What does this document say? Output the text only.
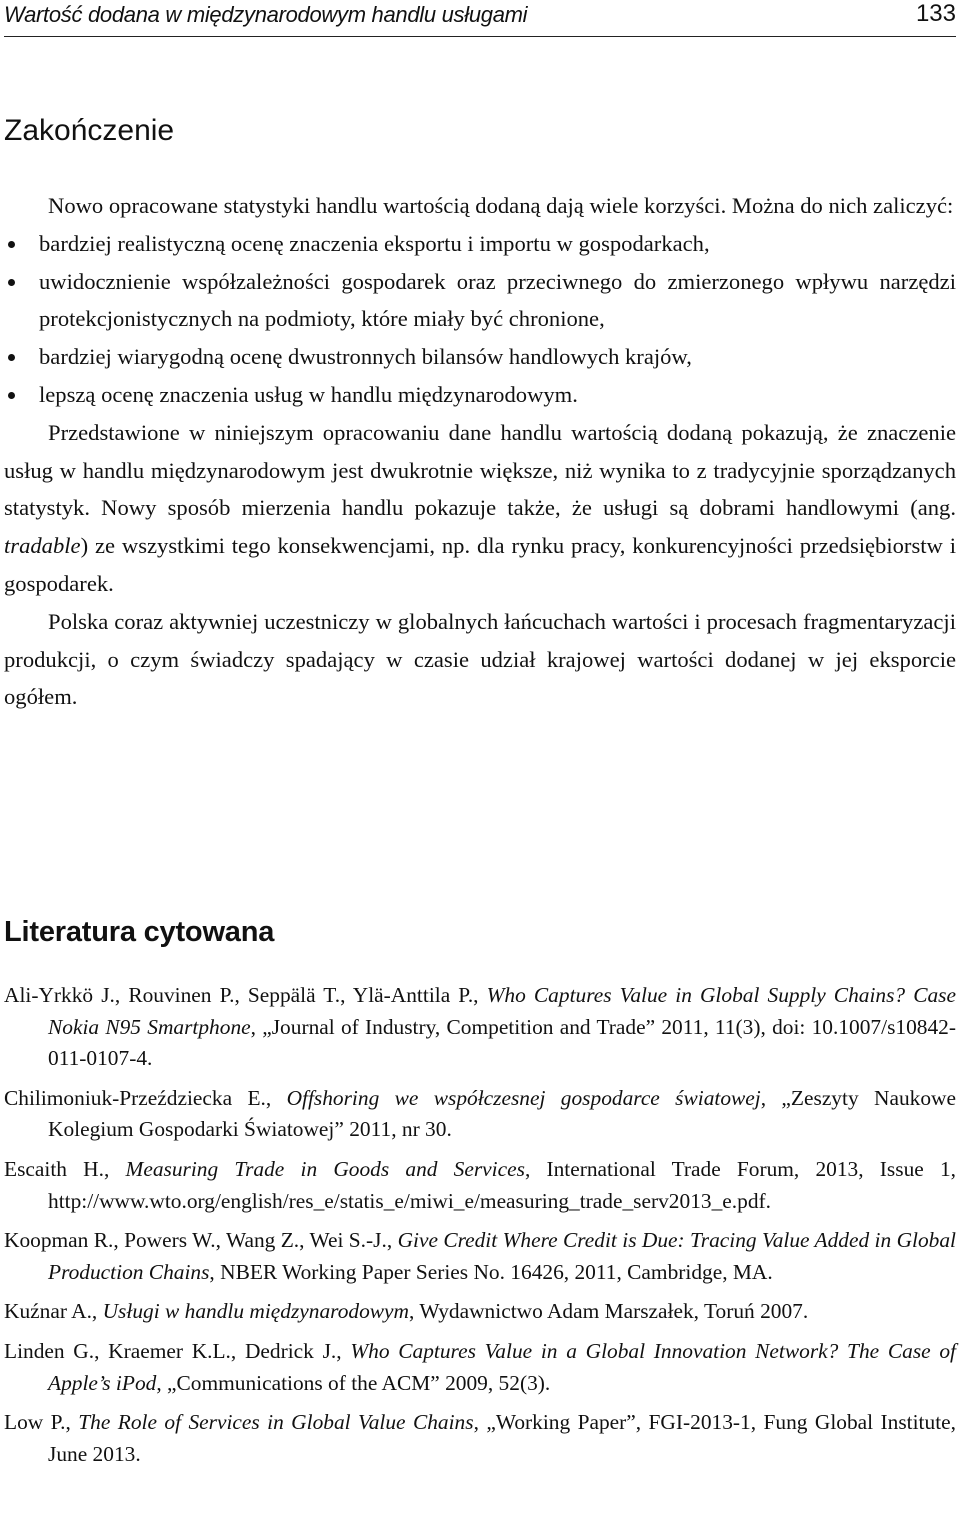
Wartość dodana w międzynarodowym handlu usługami	133
Zakończenie

Nowo opracowane statystyki handlu wartością dodaną dają wiele korzyści. Można do nich zaliczyć:

bardziej realistyczną ocenę znaczenia eksportu i importu w gospodarkach,
uwidocznienie współzależności gospodarek oraz przeciwnego do zmierzonego wpływu narzędzi protekcjonistycznych na podmioty, które miały być chronione,
bardziej wiarygodną ocenę dwustronnych bilansów handlowych krajów,
lepszą ocenę znaczenia usług w handlu międzynarodowym.

Przedstawione w niniejszym opracowaniu dane handlu wartością dodaną pokazują, że znaczenie usług w handlu międzynarodowym jest dwukrotnie większe, niż wynika to z tradycyjnie sporządzanych statystyk. Nowy sposób mierzenia handlu pokazuje także, że usługi są dobrami handlowymi (ang. tradable) ze wszystkimi tego konsekwencjami, np. dla rynku pracy, konkurencyjności przedsiębiorstw i gospodarek.

Polska coraz aktywniej uczestniczy w globalnych łańcuchach wartości i procesach fragmentaryzacji produkcji, o czym świadczy spadający w czasie udział krajowej wartości dodanej w jej eksporcie ogółem.

Literatura cytowana
Ali-Yrkkö J., Rouvinen P., Seppälä T., Ylä-Anttila P., Who Captures Value in Global Supply Chains? Case Nokia N95 Smartphone, „Journal of Industry, Competition and Trade” 2011, 11(3), doi: 10.1007/s10842-011-0107-4.
Chilimoniuk-Przeździecka E., Offshoring we współczesnej gospodarce światowej, „Zeszyty Naukowe Kolegium Gospodarki Światowej” 2011, nr 30.
Escaith H., Measuring Trade in Goods and Services, International Trade Forum, 2013, Issue 1, http://www.wto.org/english/res_e/statis_e/miwi_e/measuring_trade_serv2013_e.pdf.
Koopman R., Powers W., Wang Z., Wei S.-J., Give Credit Where Credit is Due: Tracing Value Added in Global Production Chains, NBER Working Paper Series No. 16426, 2011, Cambridge, MA.
Kuźnar A., Usługi w handlu międzynarodowym, Wydawnictwo Adam Marszałek, Toruń 2007.
Linden G., Kraemer K.L., Dedrick J., Who Captures Value in a Global Innovation Network? The Case of Apple’s iPod, „Communications of the ACM” 2009, 52(3).
Low P., The Role of Services in Global Value Chains, „Working Paper”, FGI-2013-1, Fung Global Institute, June 2013.
